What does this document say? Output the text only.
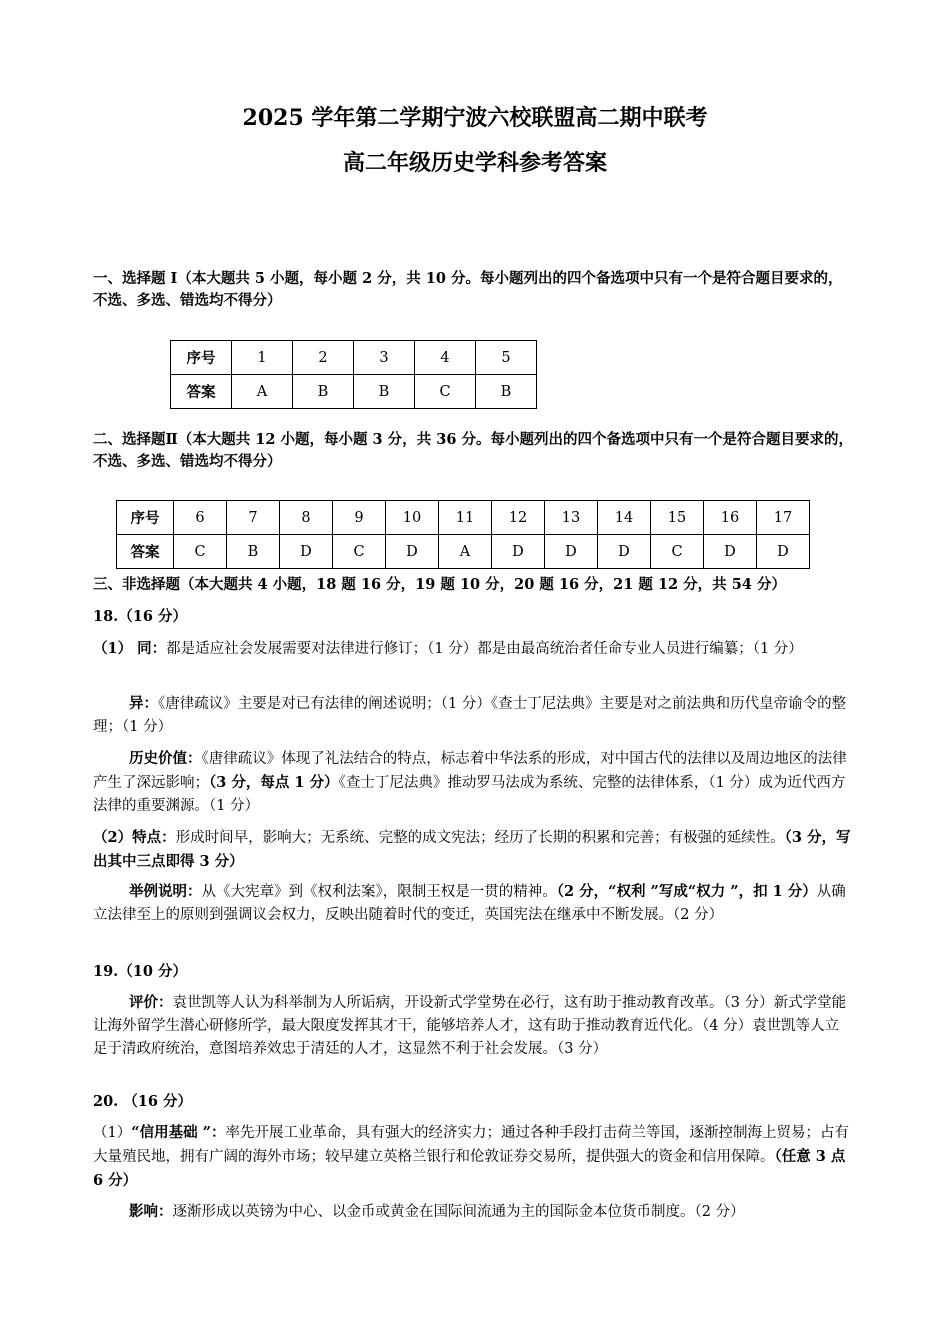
2025 学年第二学期宁波六校联盟高二期中联考
高二年级历史学科参考答案
一、选择题 I（本大题共 5 小题，每小题 2 分，共 10 分。每小题列出的四个备选项中只有一个是符合题目要求的，不选、多选、错选均不得分）
序号	1	2	3	4	5
答案	A	B	B	C	B
二、选择题Ⅱ（本大题共 12 小题，每小题 3 分，共 36 分。每小题列出的四个备选项中只有一个是符合题目要求的，不选、多选、错选均不得分）
序号	6	7	8	9	10	11	12	13	14	15	16	17
答案	C	B	D	C	D	A	D	D	D	C	D	D
三、非选择题（本大题共 4 小题，18 题 16 分，19 题 10 分，20 题 16 分，21 题 12 分，共 54 分）
18.（16 分）
（1） 同：都是适应社会发展需要对法律进行修订；（1 分）都是由最高统治者任命专业人员进行编纂；（1 分）
异：《唐律疏议》主要是对已有法律的阐述说明；（1 分）《查士丁尼法典》主要是对之前法典和历代皇帝谕令的整理；（1 分）
历史价值：《唐律疏议》体现了礼法结合的特点，标志着中华法系的形成，对中国古代的法律以及周边地区的法律产生了深远影响；（3 分，每点 1 分）《查士丁尼法典》推动罗马法成为系统、完整的法律体系，（1 分）成为近代西方法律的重要渊源。（1 分）
（2）特点：形成时间早，影响大；无系统、完整的成文宪法；经历了长期的积累和完善；有极强的延续性。（3 分，写出其中三点即得 3 分）
举例说明：从《大宪章》到《权利法案》，限制王权是一贯的精神。（2 分，“权利 ”写成“权力 ”，扣 1 分）从确立法律至上的原则到强调议会权力，反映出随着时代的变迁，英国宪法在继承中不断发展。（2 分）
19.（10 分）
评价：袁世凯等人认为科举制为人所诟病，开设新式学堂势在必行，这有助于推动教育改革。（3 分）新式学堂能让海外留学生潜心研修所学，最大限度发挥其才干，能够培养人才，这有助于推动教育近代化。（4 分）袁世凯等人立足于清政府统治，意图培养效忠于清廷的人才，这显然不利于社会发展。（3 分）
20. （16 分）
（1）“信用基础 ”：率先开展工业革命，具有强大的经济实力；通过各种手段打击荷兰等国，逐渐控制海上贸易；占有大量殖民地，拥有广阔的海外市场；较早建立英格兰银行和伦敦证券交易所，提供强大的资金和信用保障。（任意 3 点 6 分）
影响：逐渐形成以英镑为中心、以金币或黄金在国际间流通为主的国际金本位货币制度。（2 分）
